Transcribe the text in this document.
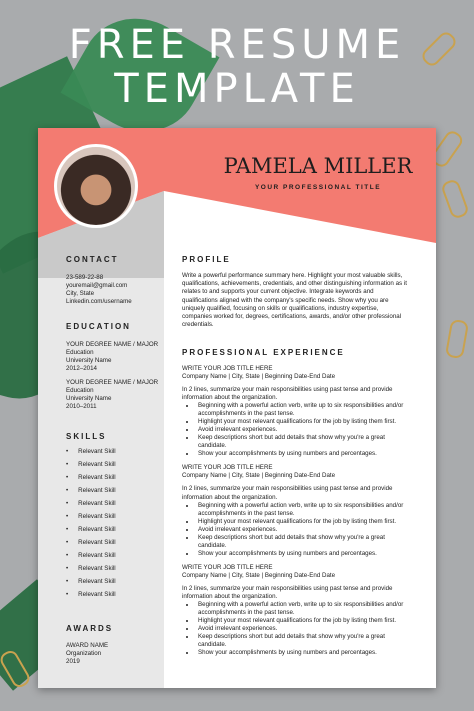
FREE RESUME
TEMPLATE
PAMELA MILLER
YOUR PROFESSIONAL TITLE
CONTACT
23-589-22-88
youremail@gmail.com
City, State
Linkedin.com/username
EDUCATION
YOUR DEGREE NAME / MAJOR
Education
University Name
2012–2014
YOUR DEGREE NAME / MAJOR
Education
University Name
2010–2011
SKILLS
• Relevant Skill
• Relevant Skill
• Relevant Skill
• Relevant Skill
• Relevant Skill
• Relevant Skill
• Relevant Skill
• Relevant Skill
• Relevant Skill
• Relevant Skill
• Relevant Skill
• Relevant Skill
AWARDS
AWARD NAME
Organization
2019
PROFILE
Write a powerful performance summary here. Highlight your most valuable skills, qualifications, achievements, credentials, and other distinguishing information as it relates to and supports your current objective. Integrate keywords and qualifications aligned with the company's specific needs. Show why you are uniquely qualified, focusing on skills or qualifications, industry expertise, companies worked for, degrees, certifications, awards, and/or other professional credentials.
PROFESSIONAL EXPERIENCE
WRITE YOUR JOB TITLE HERE
Company Name | City, State | Beginning Date-End Date
In 2 lines, summarize your main responsibilities using past tense and provide information about the organization.
• Beginning with a powerful action verb, write up to six responsibilities and/or accomplishments in the past tense.
• Highlight your most relevant qualifications for the job by listing them first.
• Avoid irrelevant experiences.
• Keep descriptions short but add details that show why you're a great candidate.
• Show your accomplishments by using numbers and percentages.
WRITE YOUR JOB TITLE HERE
Company Name | City, State | Beginning Date-End Date
In 2 lines, summarize your main responsibilities using past tense and provide information about the organization.
• Beginning with a powerful action verb, write up to six responsibilities and/or accomplishments in the past tense.
• Highlight your most relevant qualifications for the job by listing them first.
• Avoid irrelevant experiences.
• Keep descriptions short but add details that show why you're a great candidate.
• Show your accomplishments by using numbers and percentages.
WRITE YOUR JOB TITLE HERE
Company Name | City, State | Beginning Date-End Date
In 2 lines, summarize your main responsibilities using past tense and provide information about the organization.
• Beginning with a powerful action verb, write up to six responsibilities and/or accomplishments in the past tense.
• Highlight your most relevant qualifications for the job by listing them first.
• Avoid irrelevant experiences.
• Keep descriptions short but add details that show why you're a great candidate.
• Show your accomplishments by using numbers and percentages.
